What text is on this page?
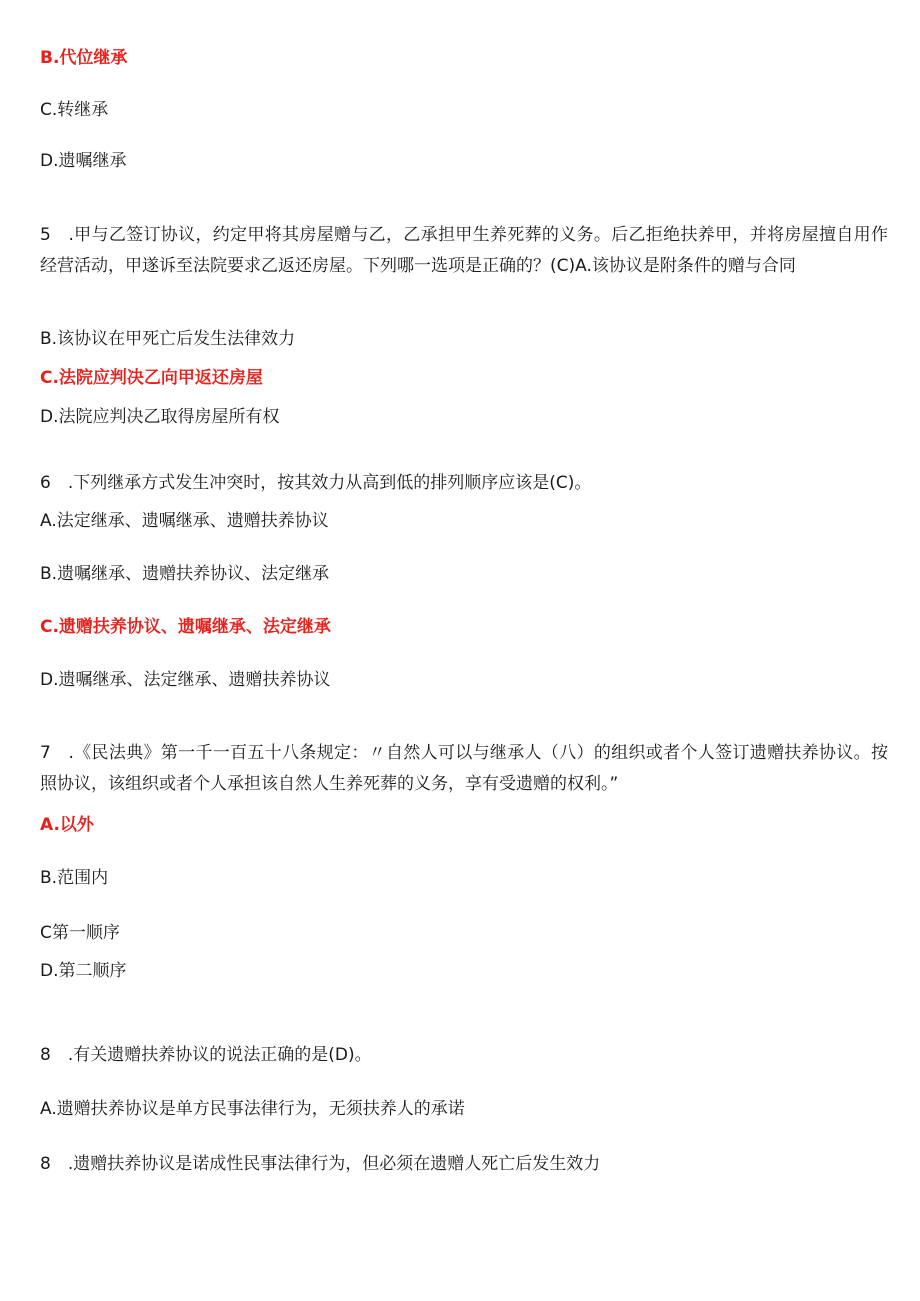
B.代位继承
C.转继承
D.遗嘱继承
5　.甲与乙签订协议，约定甲将其房屋赠与乙，乙承担甲生养死葬的义务。后乙拒绝扶养甲，并将房屋擅自用作经营活动，甲遂诉至法院要求乙返还房屋。下列哪一选项是正确的？(C)A.该协议是附条件的赠与合同
B.该协议在甲死亡后发生法律效力
C.法院应判决乙向甲返还房屋
D.法院应判决乙取得房屋所有权
6　.下列继承方式发生冲突时，按其效力从高到低的排列顺序应该是(C)。
A.法定继承、遗嘱继承、遗赠扶养协议
B.遗嘱继承、遗赠扶养协议、法定继承
C.遗赠扶养协议、遗嘱继承、法定继承
D.遗嘱继承、法定继承、遗赠扶养协议
7　.《民法典》第一千一百五十八条规定：〃自然人可以与继承人（八）的组织或者个人签订遗赠扶养协议。按照协议，该组织或者个人承担该自然人生养死葬的义务，享有受遗赠的权利。”
A.以外
B.范围内
C第一顺序
D.第二顺序
8　.有关遗赠扶养协议的说法正确的是(D)。
A.遗赠扶养协议是单方民事法律行为，无须扶养人的承诺
8　.遗赠扶养协议是诺成性民事法律行为，但必须在遗赠人死亡后发生效力
